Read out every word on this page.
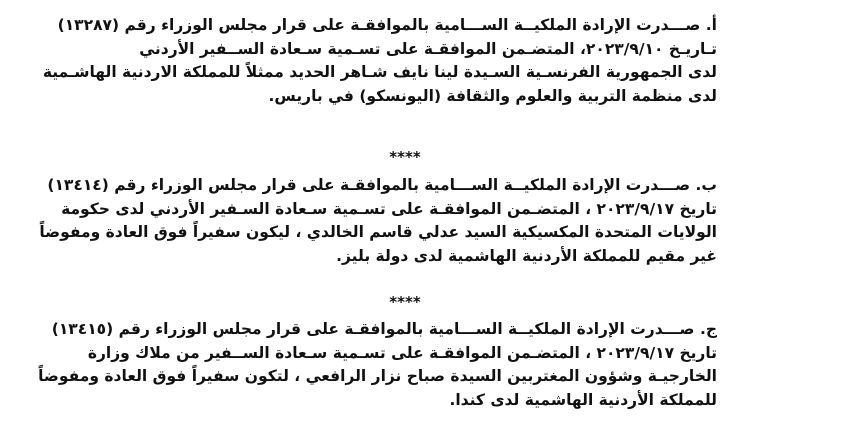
أ. صـــدرت الإرادة الملكيــة الســـامية بالموافقـة على قرار مجلس الوزراء رقم (١٣٢٨٧)
تـاريـخ ٢٠٢٣/٩/١٠، المتضـمن الموافقـة على تسـمية سـعادة الســفير الأردني
لدى الجمهورية الفرنسـية السـيدة لينا نايف شـاهر الحديد ممثلاً للمملكة الاردنية الهاشـمية
لدى منظمة التربية والعلوم والثقافة (اليونسكو) في باريس.
****
ب. صـــدرت الإرادة الملكيــة الســـامية بالموافقـة على قرار مجلس الوزراء رقم (١٣٤١٤)
تاريخ ٢٠٢٣/٩/١٧ ، المتضـمن الموافقـة على تسـمية سـعادة السـفير الأردني لدى حكومة
الولايات المتحدة المكسيكية السيد عدلي قاسم الخالدي ، ليكون سفيراً فوق العادة ومفوضاً
غير مقيم للمملكة الأردنية الهاشمية لدى دولة بليز.
****
ج. صـــدرت الإرادة الملكيــة الســـامية بالموافقـة على قرار مجلس الوزراء رقم (١٣٤١٥)
تاريخ ٢٠٢٣/٩/١٧ ، المتضـمن الموافقـة على تسـمية سـعادة الســفير من ملاك وزارة
الخارجيـة وشؤون المغتربين السيدة صباح نزار الرافعي ، لتكون سفيراً فوق العادة ومفوضاً
للمملكة الأردنية الهاشمية لدى كندا.
